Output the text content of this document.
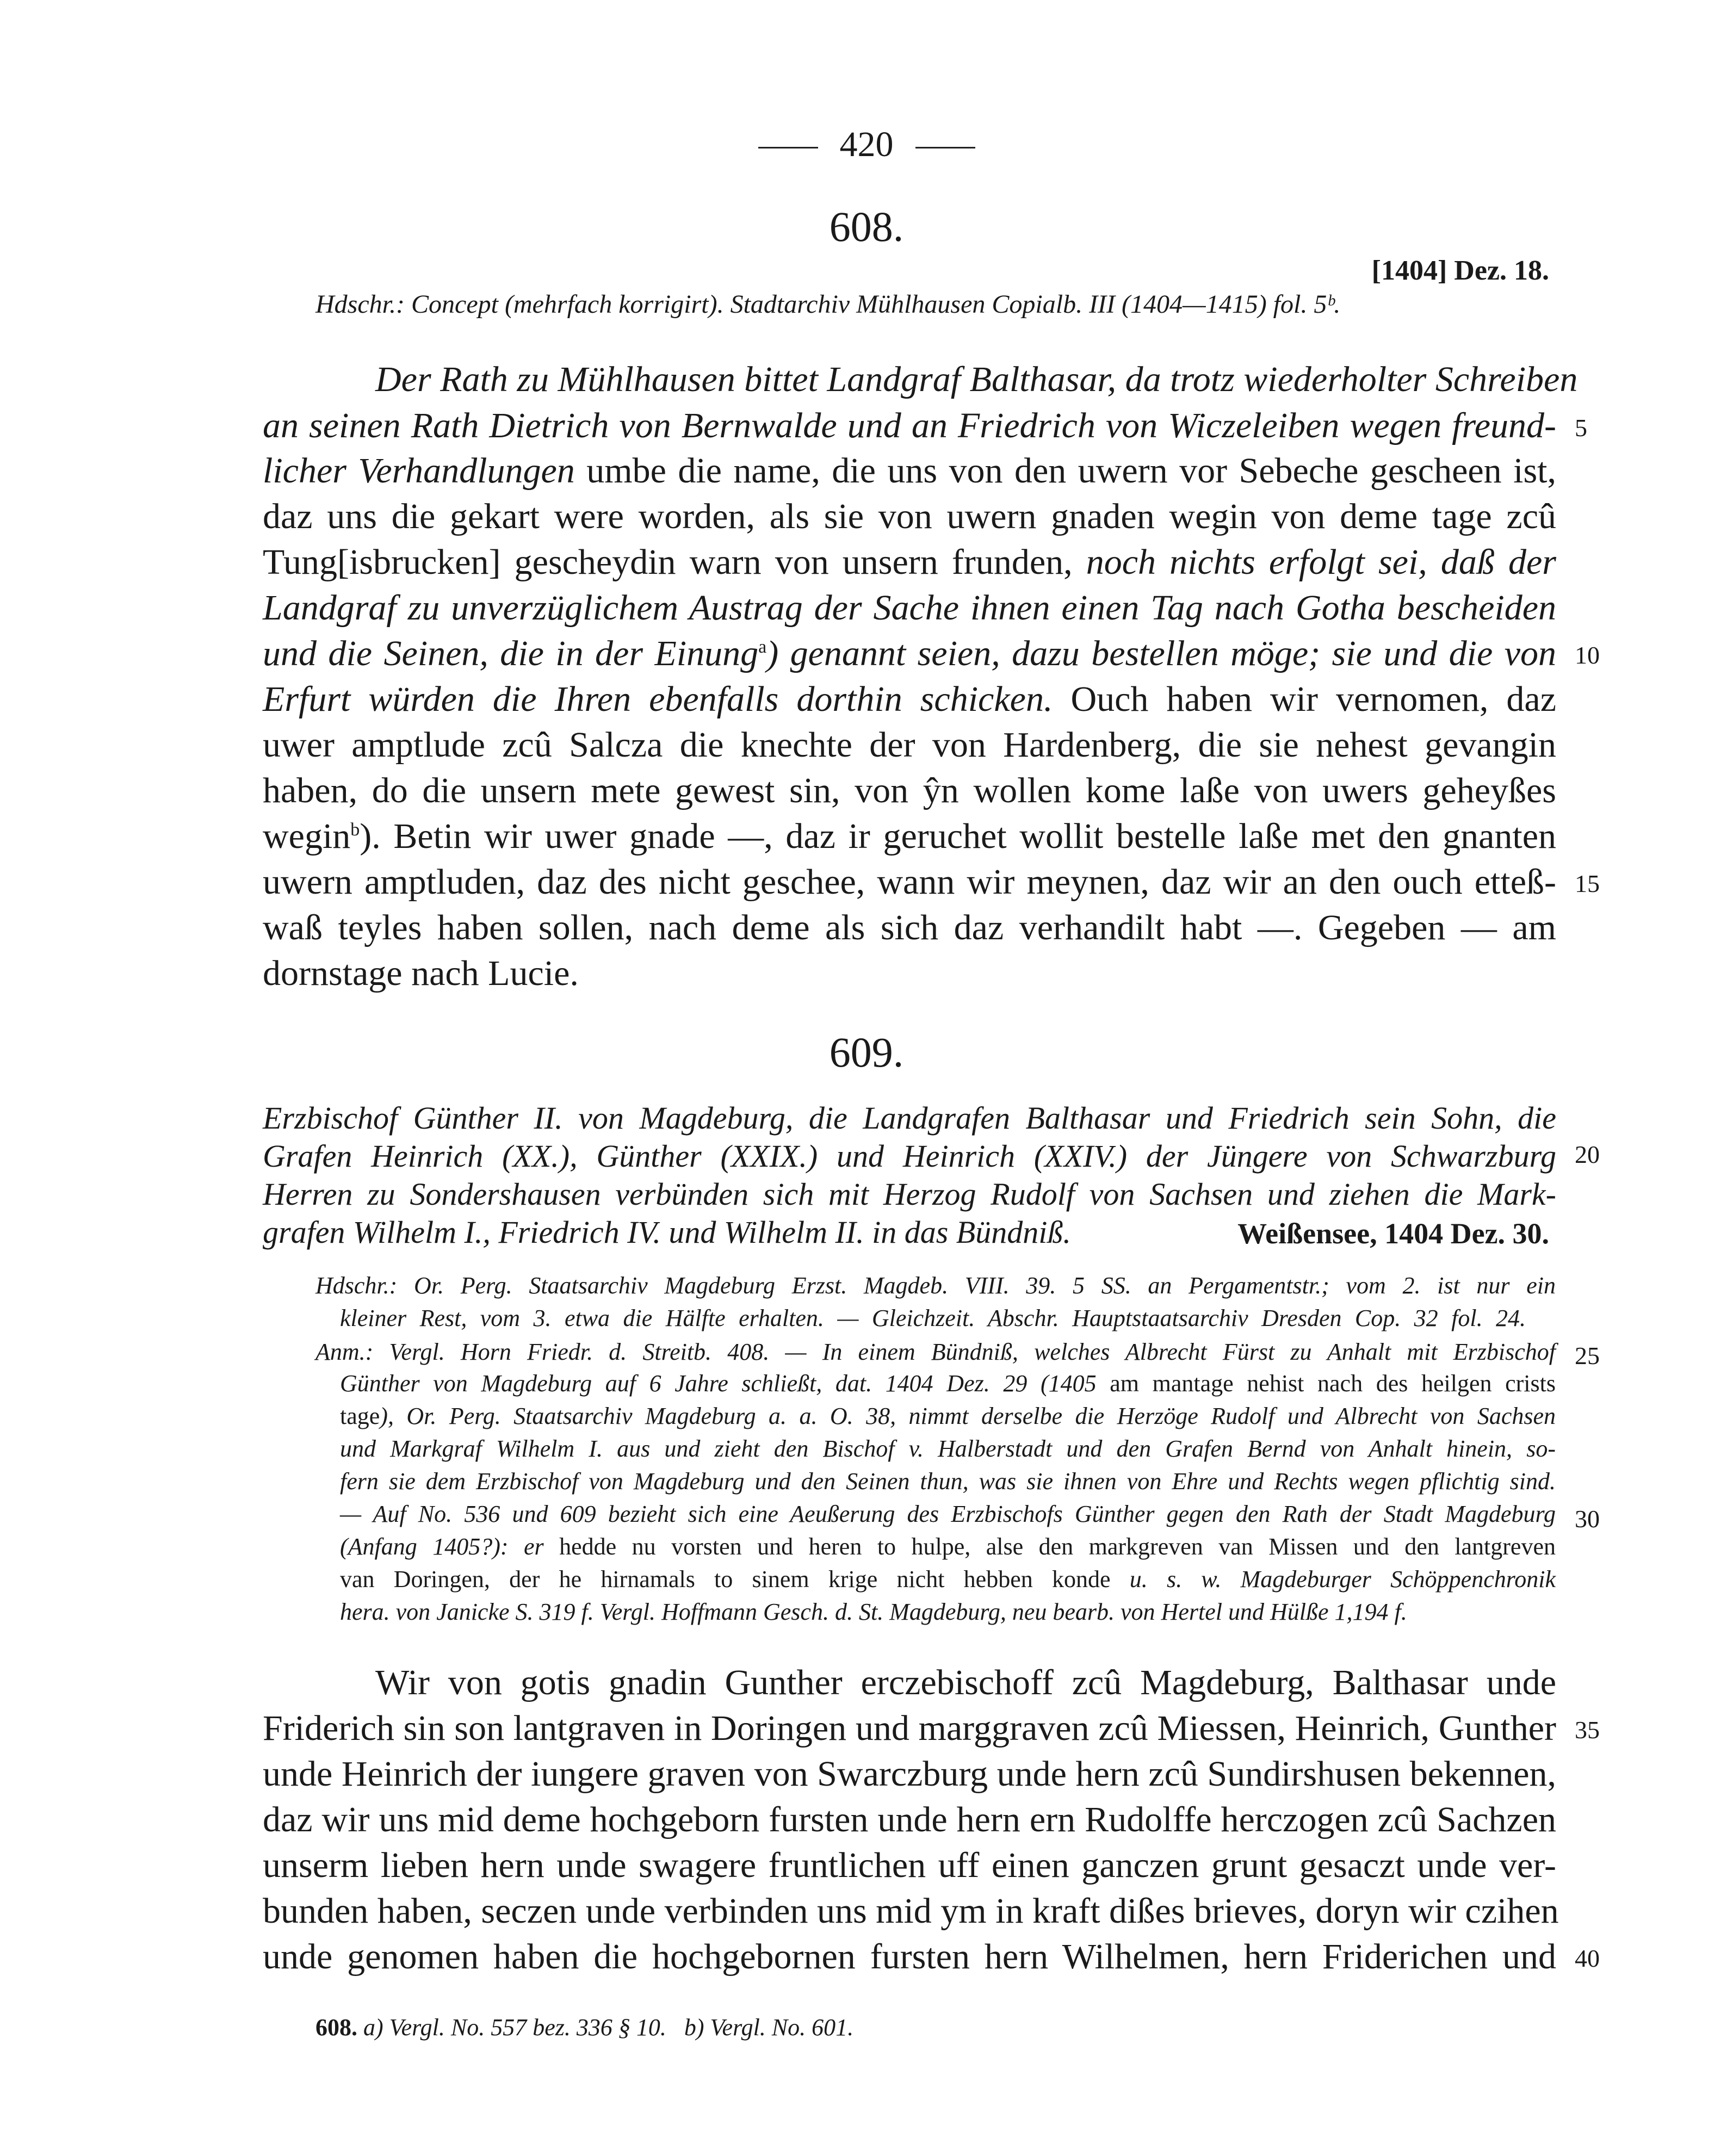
420
608.
[1404] Dez. 18.
Hdschr.: Concept (mehrfach korrigirt). Stadtarchiv Mühlhausen Copialb. III (1404—1415) fol. 5ᵇ.
Der Rath zu Mühlhausen bittet Landgraf Balthasar, da trotz wiederholter Schreiben
an seinen Rath Dietrich von Bernwalde und an Friedrich von Wiczeleiben wegen freund-
licher Verhandlungen umbe die name, die uns von den uwern vor Sebeche gescheen ist,
daz uns die gekart were worden, als sie von uwern gnaden wegin von deme tage zcû
Tung[isbrucken] gescheydin warn von unsern frunden, noch nichts erfolgt sei, daß der
Landgraf zu unverzüglichem Austrag der Sache ihnen einen Tag nach Gotha bescheiden
und die Seinen, die in der Einung$^a$) genannt seien, dazu bestellen möge; sie und die von
Erfurt würden die Ihren ebenfalls dorthin schicken. Ouch haben wir vernomen, daz
uwer amptlude zcû Salcza die knechte der von Hardenberg, die sie nehest gevangin
haben, do die unsern mete gewest sin, von ŷn wollen kome laße von uwers geheyßes
wegin$^b$). Betin wir uwer gnade —, daz ir geruchet wollit bestelle laße met den gnanten
uwern amptluden, daz des nicht geschee, wann wir meynen, daz wir an den ouch etteß-
waß teyles haben sollen, nach deme als sich daz verhandilt habt —. Gegeben — am
dornstage nach Lucie.
5
10
15
609.
Erzbischof Günther II. von Magdeburg, die Landgrafen Balthasar und Friedrich sein Sohn, die
Grafen Heinrich (XX.), Günther (XXIX.) und Heinrich (XXIV.) der Jüngere von Schwarzburg
Herren zu Sondershausen verbünden sich mit Herzog Rudolf von Sachsen und ziehen die Mark-
grafen Wilhelm I., Friedrich IV. und Wilhelm II. in das Bündniß.	Weißensee, 1404 Dez. 30.
Hdschr.: Or. Perg. Staatsarchiv Magdeburg Erzst. Magdeb. VIII. 39. 5 SS. an Pergamentstr.; vom 2. ist nur ein
kleiner Rest, vom 3. etwa die Hälfte erhalten. — Gleichzeit. Abschr. Hauptstaatsarchiv Dresden Cop. 32 fol. 24.
Anm.: Vergl. Horn Friedr. d. Streitb. 408. — In einem Bündniß, welches Albrecht Fürst zu Anhalt mit Erzbischof
Günther von Magdeburg auf 6 Jahre schließt, dat. 1404 Dez. 29 (1405 am mantage nehist nach des heilgen crists
tage), Or. Perg. Staatsarchiv Magdeburg a. a. O. 38, nimmt derselbe die Herzöge Rudolf und Albrecht von Sachsen
und Markgraf Wilhelm I. aus und zieht den Bischof v. Halberstadt und den Grafen Bernd von Anhalt hinein, so-
fern sie dem Erzbischof von Magdeburg und den Seinen thun, was sie ihnen von Ehre und Rechts wegen pflichtig sind.
— Auf No. 536 und 609 bezieht sich eine Aeußerung des Erzbischofs Günther gegen den Rath der Stadt Magdeburg
(Anfang 1405?): er hedde nu vorsten und heren to hulpe, alse den markgreven van Missen und den lantgreven
van Doringen, der he hirnamals to sinem krige nicht hebben konde u. s. w. Magdeburger Schöppenchronik
hera. von Janicke S. 319 f. Vergl. Hoffmann Gesch. d. St. Magdeburg, neu bearb. von Hertel und Hülße 1,194 f.
Wir von gotis gnadin Gunther erczebischoff zcû Magdeburg, Balthasar unde
Friderich sin son lantgraven in Doringen und marggraven zcû Miessen, Heinrich, Gunther
unde Heinrich der iungere graven von Swarczburg unde hern zcû Sundirshusen bekennen,
daz wir uns mid deme hochgeborn fursten unde hern ern Rudolffe herczogen zcû Sachzen
unserm lieben hern unde swagere fruntlichen uff einen ganczen grunt gesaczt unde ver-
bunden haben, seczen unde verbinden uns mid ym in kraft dißes brieves, doryn wir czihen
unde genomen haben die hochgebornen fursten hern Wilhelmen, hern Friderichen und
20
25
30
35
40
608. a) Vergl. No. 557 bez. 336 § 10.   b) Vergl. No. 601.
